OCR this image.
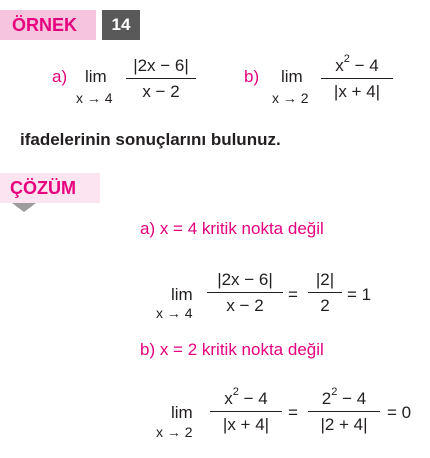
ÖRNEK	14
a) lim
$x \to 4 \frac{|2x - 6|}{x - 2}$	b) lim
$x \to 2 \frac{x^2 - 4}{|x + 4|}$
ifadelerinin sonuçlarını bulunuz.
ÇÖZÜM
a) x = 4 kritik nokta değil
lim
$x \to 4 \frac{|2x - 6|}{x - 2} = \frac{|2|}{2} = 1$
b) x = 2 kritik nokta değil
lim
$x \to 2 \frac{x^2 - 4}{|x + 4|} = \frac{2^2 - 4}{|2 + 4|} = 0$
